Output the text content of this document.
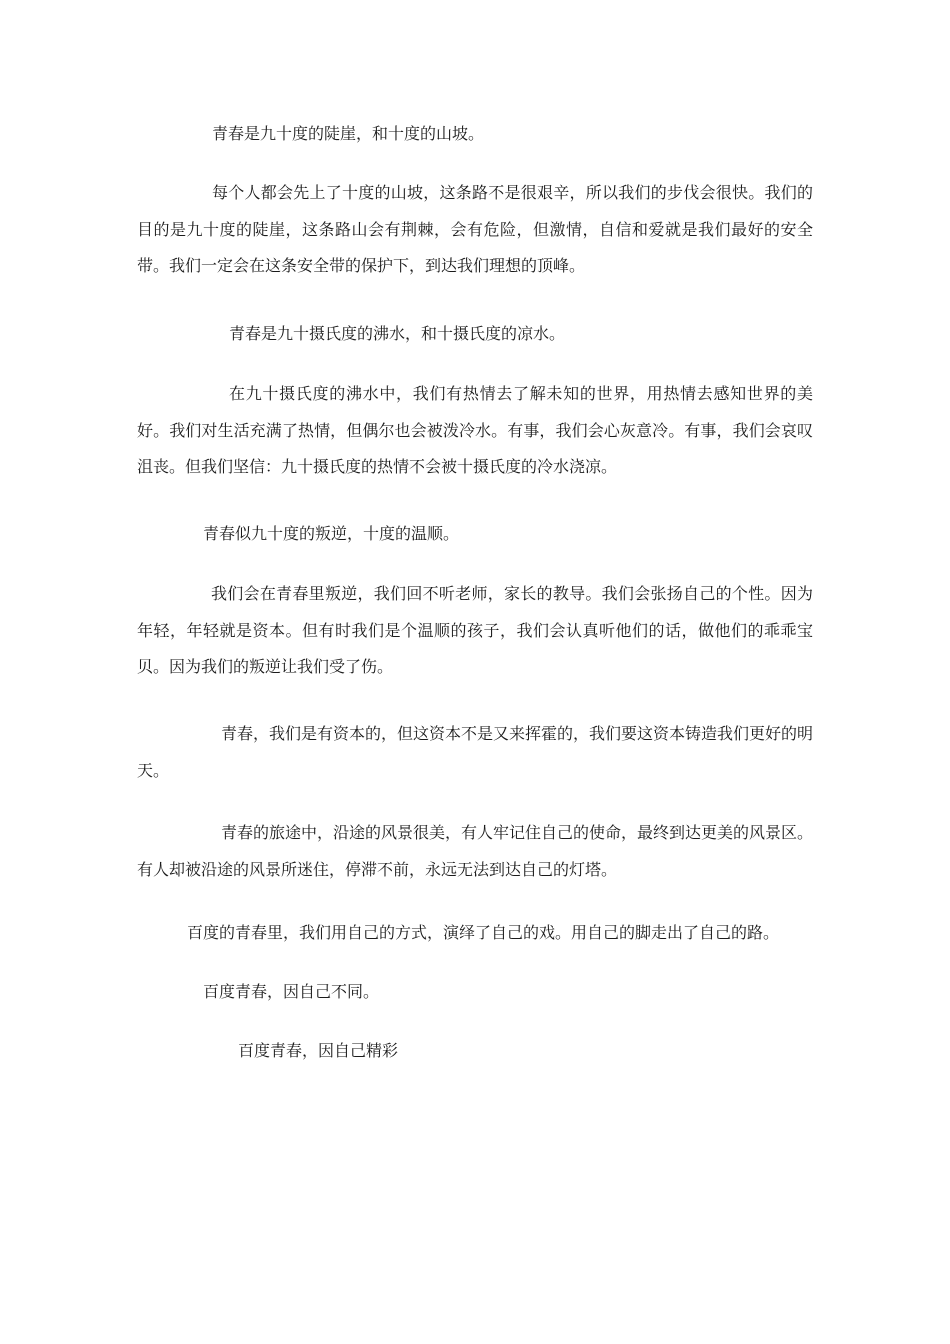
青春是九十度的陡崖，和十度的山坡。

每个人都会先上了十度的山坡，这条路不是很艰辛，所以我们的步伐会很快。我们的目的是九十度的陡崖，这条路山会有荆棘，会有危险，但激情，自信和爱就是我们最好的安全带。我们一定会在这条安全带的保护下，到达我们理想的顶峰。

青春是九十摄氏度的沸水，和十摄氏度的凉水。

在九十摄氏度的沸水中，我们有热情去了解未知的世界，用热情去感知世界的美好。我们对生活充满了热情，但偶尔也会被泼冷水。有事，我们会心灰意冷。有事，我们会哀叹沮丧。但我们坚信：九十摄氏度的热情不会被十摄氏度的冷水浇凉。

青春似九十度的叛逆，十度的温顺。

我们会在青春里叛逆，我们回不听老师，家长的教导。我们会张扬自己的个性。因为年轻，年轻就是资本。但有时我们是个温顺的孩子，我们会认真听他们的话，做他们的乖乖宝贝。因为我们的叛逆让我们受了伤。

青春，我们是有资本的，但这资本不是又来挥霍的，我们要这资本铸造我们更好的明天。

青春的旅途中，沿途的风景很美，有人牢记住自己的使命，最终到达更美的风景区。有人却被沿途的风景所迷住，停滞不前，永远无法到达自己的灯塔。

百度的青春里，我们用自己的方式，演绎了自己的戏。用自己的脚走出了自己的路。

百度青春，因自己不同。

百度青春，因自己精彩
